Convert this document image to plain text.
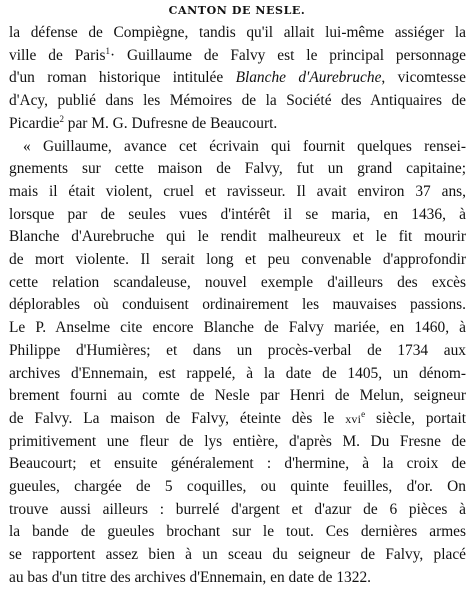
CANTON DE NESLE.
la défense de Compiègne, tandis qu'il allait lui-même assiéger la
ville de Paris$^1$· Guillaume de Falvy est le principal personnage
d'un roman historique intitulée Blanche d'Aurebruche, vicomtesse
d'Acy, publié dans les Mémoires de la Société des Antiquaires de
Picardie$^2$ par M. G. Dufresne de Beaucourt.
« Guillaume, avance cet écrivain qui fournit quelques rensei-
gnements sur cette maison de Falvy, fut un grand capitaine;
mais il était violent, cruel et ravisseur. Il avait environ 37 ans,
lorsque par de seules vues d'intérêt il se maria, en 1436, à
Blanche d'Aurebruche qui le rendit malheureux et le fit mourir
de mort violente. Il serait long et peu convenable d'approfondir
cette relation scandaleuse, nouvel exemple d'ailleurs des excès
déplorables où conduisent ordinairement les mauvaises passions.
Le P. Anselme cite encore Blanche de Falvy mariée, en 1460, à
Philippe d'Humières; et dans un procès-verbal de 1734 aux
archives d'Ennemain, est rappelé, à la date de 1405, un dénom-
brement fourni au comte de Nesle par Henri de Melun, seigneur
de Falvy. La maison de Falvy, éteinte dès le xvi$^e$ siècle, portait
primitivement une fleur de lys entière, d'après M. Du Fresne de
Beaucourt; et ensuite généralement : d'hermine, à la croix de
gueules, chargée de 5 coquilles, ou quinte feuilles, d'or. On
trouve aussi ailleurs : burrelé d'argent et d'azur de 6 pièces à
la bande de gueules brochant sur le tout. Ces dernières armes
se rapportent assez bien à un sceau du seigneur de Falvy, placé
au bas d'un titre des archives d'Ennemain, en date de 1322.
